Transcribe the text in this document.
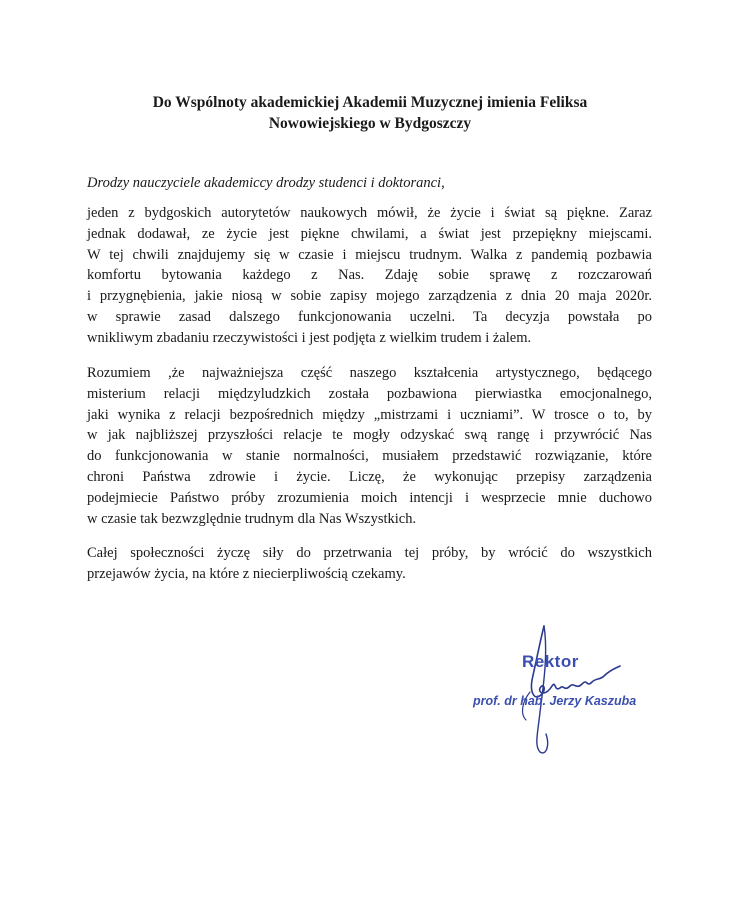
Do Wspólnoty akademickiej Akademii Muzycznej imienia Feliksa
Nowowiejskiego w Bydgoszczy
Drodzy nauczyciele akademiccy drodzy studenci i doktoranci,
jeden z bydgoskich autorytetów naukowych mówił, że życie i świat są piękne. Zaraz
jednak dodawał, ze życie jest piękne chwilami, a świat jest przepiękny miejscami.
W tej chwili znajdujemy się w czasie i miejscu trudnym. Walka z pandemią pozbawia
komfortu bytowania każdego z Nas. Zdaję sobie sprawę z rozczarowań
i przygnębienia, jakie niosą w sobie zapisy mojego zarządzenia z dnia 20 maja 2020r.
w sprawie zasad dalszego funkcjonowania uczelni. Ta decyzja powstała po
wnikliwym zbadaniu rzeczywistości i jest podjęta z wielkim trudem i żalem.
Rozumiem ,że najważniejsza część naszego kształcenia artystycznego, będącego
misterium relacji międzyludzkich została pozbawiona pierwiastka emocjonalnego,
jaki wynika z relacji bezpośrednich między „mistrzami i uczniami”. W trosce o to, by
w jak najbliższej przyszłości relacje te mogły odzyskać swą rangę i przywrócić Nas
do funkcjonowania w stanie normalności, musiałem przedstawić rozwiązanie, które
chroni Państwa zdrowie i życie. Liczę, że wykonując przepisy zarządzenia
podejmiecie Państwo próby zrozumienia moich intencji i wesprzecie mnie duchowo
w czasie tak bezwzględnie trudnym dla Nas Wszystkich.
Całej społeczności życzę siły do przetrwania tej próby, by wrócić do wszystkich
przejawów życia, na które z niecierpliwością czekamy.
Rektor
prof. dr hab. Jerzy Kaszuba
